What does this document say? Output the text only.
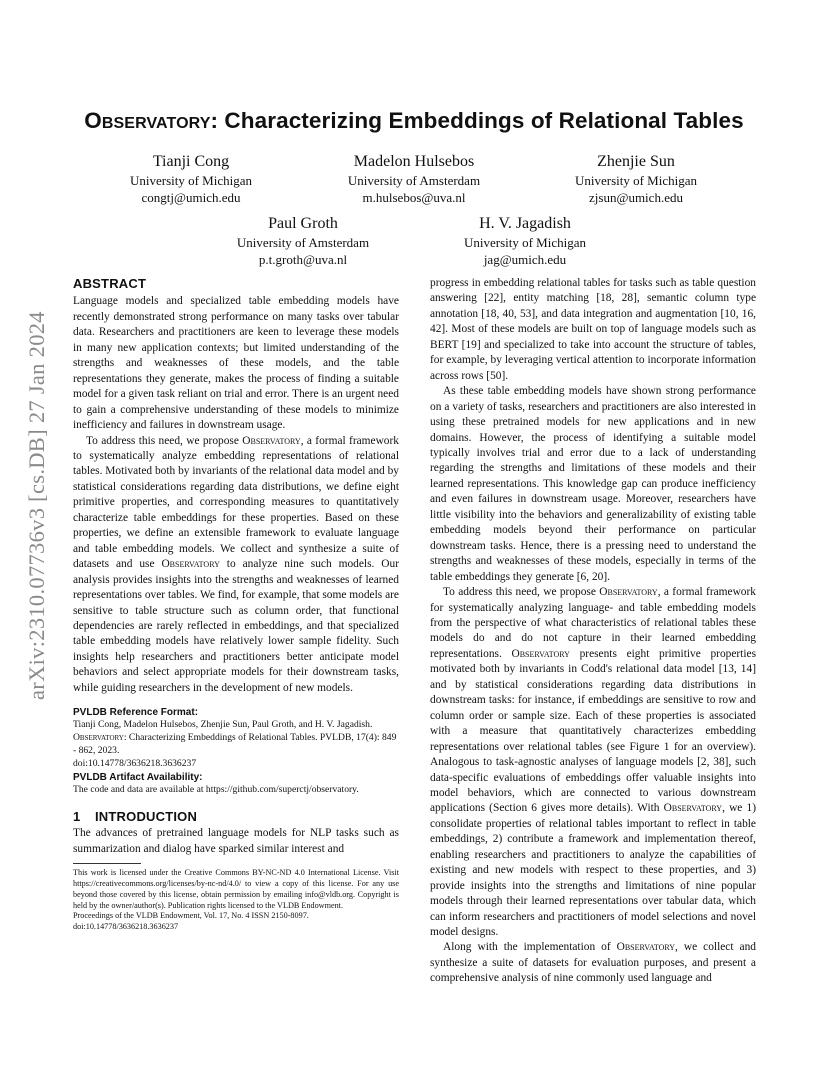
Observatory: Characterizing Embeddings of Relational Tables
Tianji Cong
University of Michigan
congtj@umich.edu
Madelon Hulsebos
University of Amsterdam
m.hulsebos@uva.nl
Zhenjie Sun
University of Michigan
zjsun@umich.edu
Paul Groth
University of Amsterdam
p.t.groth@uva.nl
H. V. Jagadish
University of Michigan
jag@umich.edu
arXiv:2310.07736v3 [cs.DB] 27 Jan 2024
ABSTRACT

Language models and specialized table embedding models have recently demonstrated strong performance on many tasks over tabular data. Researchers and practitioners are keen to leverage these models in many new application contexts; but limited understanding of the strengths and weaknesses of these models, and the table representations they generate, makes the process of finding a suitable model for a given task reliant on trial and error. There is an urgent need to gain a comprehensive understanding of these models to minimize inefficiency and failures in downstream usage.

To address this need, we propose Observatory, a formal framework to systematically analyze embedding representations of relational tables. Motivated both by invariants of the relational data model and by statistical considerations regarding data distributions, we define eight primitive properties, and corresponding measures to quantitatively characterize table embeddings for these properties. Based on these properties, we define an extensible framework to evaluate language and table embedding models. We collect and synthesize a suite of datasets and use Observatory to analyze nine such models. Our analysis provides insights into the strengths and weaknesses of learned representations over tables. We find, for example, that some models are sensitive to table structure such as column order, that functional dependencies are rarely reflected in embeddings, and that specialized table embedding models have relatively lower sample fidelity. Such insights help researchers and practitioners better anticipate model behaviors and select appropriate models for their downstream tasks, while guiding researchers in the development of new models.

PVLDB Reference Format:

Tianji Cong, Madelon Hulsebos, Zhenjie Sun, Paul Groth, and H. V. Jagadish. Observatory: Characterizing Embeddings of Relational Tables. PVLDB, 17(4): 849 - 862, 2023.
doi:10.14778/3636218.3636237

PVLDB Artifact Availability:

The code and data are available at https://github.com/superctj/observatory.

1 INTRODUCTION

The advances of pretrained language models for NLP tasks such as summarization and dialog have sparked similar interest and

This work is licensed under the Creative Commons BY-NC-ND 4.0 International License. Visit https://creativecommons.org/licenses/by-nc-nd/4.0/ to view a copy of this license. For any use beyond those covered by this license, obtain permission by emailing info@vldb.org. Copyright is held by the owner/author(s). Publication rights licensed to the VLDB Endowment.

Proceedings of the VLDB Endowment, Vol. 17, No. 4 ISSN 2150-8097.

doi:10.14778/3636218.3636237

progress in embedding relational tables for tasks such as table question answering [22], entity matching [18, 28], semantic column type annotation [18, 40, 53], and data integration and augmentation [10, 16, 42]. Most of these models are built on top of language models such as BERT [19] and specialized to take into account the structure of tables, for example, by leveraging vertical attention to incorporate information across rows [50].

As these table embedding models have shown strong performance on a variety of tasks, researchers and practitioners are also interested in using these pretrained models for new applications and in new domains. However, the process of identifying a suitable model typically involves trial and error due to a lack of understanding regarding the strengths and limitations of these models and their learned representations. This knowledge gap can produce inefficiency and even failures in downstream usage. Moreover, researchers have little visibility into the behaviors and generalizability of existing table embedding models beyond their performance on particular downstream tasks. Hence, there is a pressing need to understand the strengths and weaknesses of these models, especially in terms of the table embeddings they generate [6, 20].

To address this need, we propose Observatory, a formal framework for systematically analyzing language- and table embedding models from the perspective of what characteristics of relational tables these models do and do not capture in their learned embedding representations. Observatory presents eight primitive properties motivated both by invariants in Codd's relational data model [13, 14] and by statistical considerations regarding data distributions in downstream tasks: for instance, if embeddings are sensitive to row and column order or sample size. Each of these properties is associated with a measure that quantitatively characterizes embedding representations over relational tables (see Figure 1 for an overview). Analogous to task-agnostic analyses of language models [2, 38], such data-specific evaluations of embeddings offer valuable insights into model behaviors, which are connected to various downstream applications (Section 6 gives more details). With Observatory, we 1) consolidate properties of relational tables important to reflect in table embeddings, 2) contribute a framework and implementation thereof, enabling researchers and practitioners to analyze the capabilities of existing and new models with respect to these properties, and 3) provide insights into the strengths and limitations of nine popular models through their learned representations over tabular data, which can inform researchers and practitioners of model selections and novel model designs.

Along with the implementation of Observatory, we collect and synthesize a suite of datasets for evaluation purposes, and present a comprehensive analysis of nine commonly used language and
